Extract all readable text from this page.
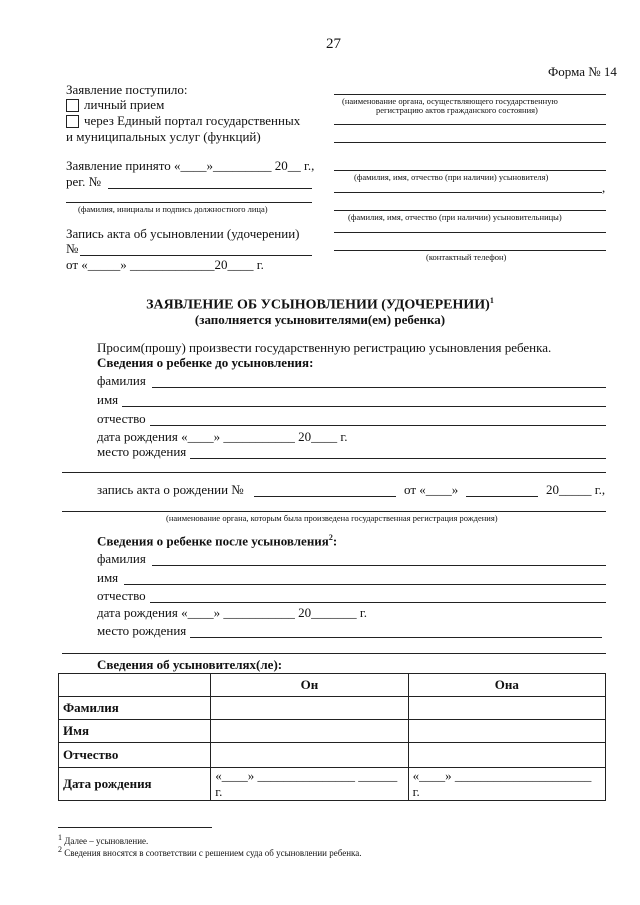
27
Форма № 14
Заявление поступило:
личный прием
через Единый портал государственных
и муниципальных услуг (функций)
Заявление принято «____»_________ 20__ г.,
рег. №
(фамилия, инициалы и подпись должностного лица)
Запись акта об усыновлении (удочерении)
№
от «_____» _____________20____ г.
(наименование органа, осуществляющего государственную
регистрацию актов гражданского состояния)
(фамилия, имя, отчество (при наличии) усыновителя)
,
(фамилия, имя, отчество (при наличии) усыновительницы)
(контактный телефон)
ЗАЯВЛЕНИЕ ОБ УСЫНОВЛЕНИИ (УДОЧЕРЕНИИ)$^1$
(заполняется усыновителями(ем) ребенка)
Просим(прошу) произвести государственную регистрацию усыновления ребенка.
Сведения о ребенке до усыновления:
фамилия
имя
отчество
дата рождения «____» ___________ 20____ г.
место рождения
запись акта о рождении №	от «____»	20_____ г.,
(наименование органа, которым была произведена государственная регистрация рождения)
Сведения о ребенке после усыновления$^2$:
фамилия
имя
отчество
дата рождения «____» ___________ 20_______ г.
место рождения
Сведения об усыновителях(ле):
	Он	Она
Фамилия		
Имя		
Отчество		
Дата рождения	«____» _______________ ______ г.	«____» _____________________ г.
1 Далее – усыновление.
2 Сведения вносятся в соответствии с решением суда об усыновлении ребенка.
